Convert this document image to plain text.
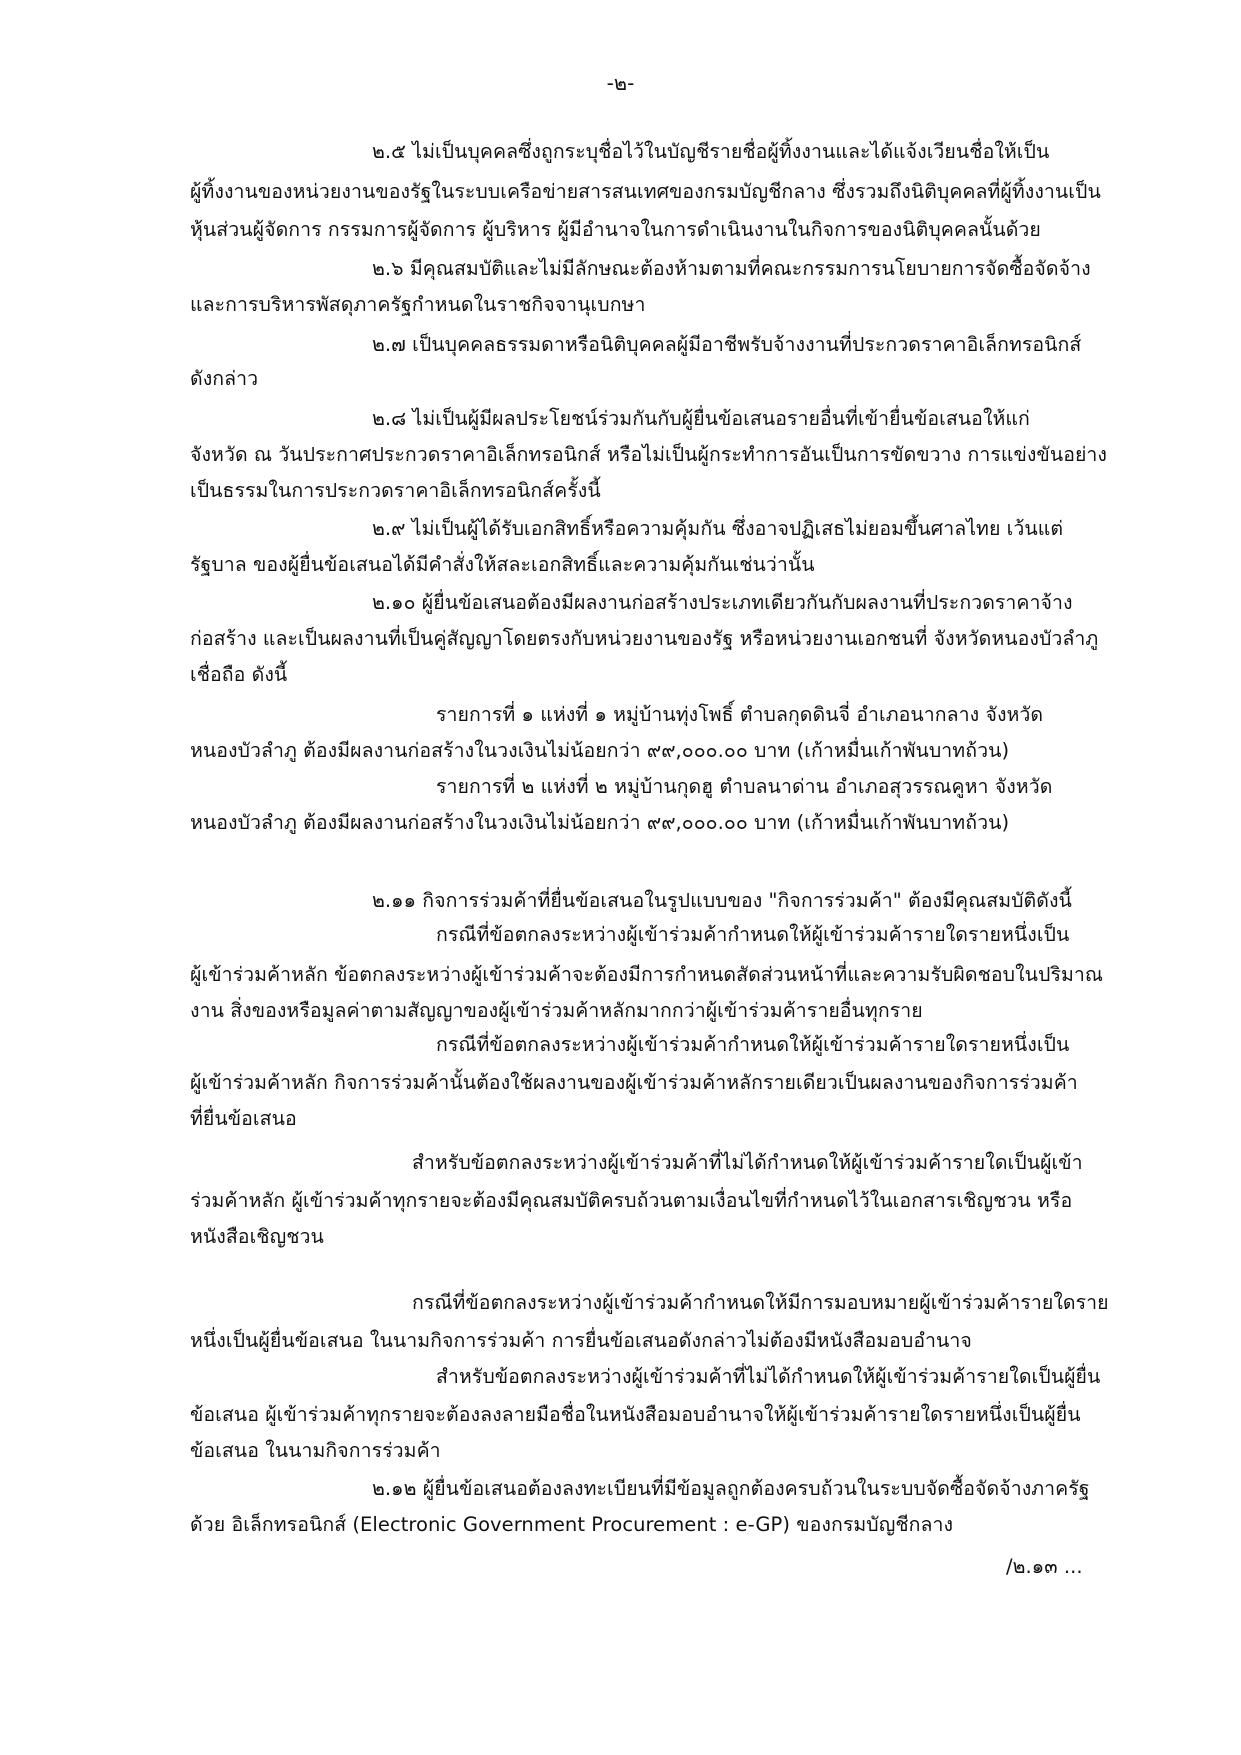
-๒-

๒.๕ ไม่เป็นบุคคลซึ่งถูกระบุชื่อไว้ในบัญชีรายชื่อผู้ทิ้งงานและได้แจ้งเวียนชื่อให้เป็น

ผู้ทิ้งงานของหน่วยงานของรัฐในระบบเครือข่ายสารสนเทศของกรมบัญชีกลาง ซึ่งรวมถึงนิติบุคคลที่ผู้ทิ้งงานเป็น

หุ้นส่วนผู้จัดการ กรรมการผู้จัดการ ผู้บริหาร ผู้มีอำนาจในการดำเนินงานในกิจการของนิติบุคคลนั้นด้วย

๒.๖ มีคุณสมบัติและไม่มีลักษณะต้องห้ามตามที่คณะกรรมการนโยบายการจัดซื้อจัดจ้าง

และการบริหารพัสดุภาครัฐกำหนดในราชกิจจานุเบกษา

๒.๗ เป็นบุคคลธรรมดาหรือนิติบุคคลผู้มีอาชีพรับจ้างงานที่ประกวดราคาอิเล็กทรอนิกส์

ดังกล่าว

๒.๘ ไม่เป็นผู้มีผลประโยชน์ร่วมกันกับผู้ยื่นข้อเสนอรายอื่นที่เข้ายื่นข้อเสนอให้แก่

จังหวัด ณ วันประกาศประกวดราคาอิเล็กทรอนิกส์ หรือไม่เป็นผู้กระทำการอันเป็นการขัดขวาง การแข่งขันอย่าง

เป็นธรรมในการประกวดราคาอิเล็กทรอนิกส์ครั้งนี้

๒.๙ ไม่เป็นผู้ได้รับเอกสิทธิ์หรือความคุ้มกัน ซึ่งอาจปฏิเสธไม่ยอมขึ้นศาลไทย เว้นแต่

รัฐบาล ของผู้ยื่นข้อเสนอได้มีคำสั่งให้สละเอกสิทธิ์และความคุ้มกันเช่นว่านั้น

๒.๑๐ ผู้ยื่นข้อเสนอต้องมีผลงานก่อสร้างประเภทเดียวกันกับผลงานที่ประกวดราคาจ้าง

ก่อสร้าง และเป็นผลงานที่เป็นคู่สัญญาโดยตรงกับหน่วยงานของรัฐ หรือหน่วยงานเอกชนที่ จังหวัดหนองบัวลำภู

เชื่อถือ ดังนี้

รายการที่ ๑ แห่งที่ ๑ หมู่บ้านทุ่งโพธิ์ ตำบลกุดดินจี่ อำเภอนากลาง จังหวัด

หนองบัวลำภู ต้องมีผลงานก่อสร้างในวงเงินไม่น้อยกว่า ๙๙,๐๐๐.๐๐ บาท (เก้าหมื่นเก้าพันบาทถ้วน)

รายการที่ ๒ แห่งที่ ๒ หมู่บ้านกุดฮู ตำบลนาด่าน อำเภอสุวรรณคูหา จังหวัด

หนองบัวลำภู ต้องมีผลงานก่อสร้างในวงเงินไม่น้อยกว่า ๙๙,๐๐๐.๐๐ บาท (เก้าหมื่นเก้าพันบาทถ้วน)

๒.๑๑ กิจการร่วมค้าที่ยื่นข้อเสนอในรูปแบบของ "กิจการร่วมค้า" ต้องมีคุณสมบัติดังนี้

กรณีที่ข้อตกลงระหว่างผู้เข้าร่วมค้ากำหนดให้ผู้เข้าร่วมค้ารายใดรายหนึ่งเป็น

ผู้เข้าร่วมค้าหลัก ข้อตกลงระหว่างผู้เข้าร่วมค้าจะต้องมีการกำหนดสัดส่วนหน้าที่และความรับผิดชอบในปริมาณ

งาน สิ่งของหรือมูลค่าตามสัญญาของผู้เข้าร่วมค้าหลักมากกว่าผู้เข้าร่วมค้ารายอื่นทุกราย

กรณีที่ข้อตกลงระหว่างผู้เข้าร่วมค้ากำหนดให้ผู้เข้าร่วมค้ารายใดรายหนึ่งเป็น

ผู้เข้าร่วมค้าหลัก กิจการร่วมค้านั้นต้องใช้ผลงานของผู้เข้าร่วมค้าหลักรายเดียวเป็นผลงานของกิจการร่วมค้า

ที่ยื่นข้อเสนอ

สำหรับข้อตกลงระหว่างผู้เข้าร่วมค้าที่ไม่ได้กำหนดให้ผู้เข้าร่วมค้ารายใดเป็นผู้เข้า

ร่วมค้าหลัก ผู้เข้าร่วมค้าทุกรายจะต้องมีคุณสมบัติครบถ้วนตามเงื่อนไขที่กำหนดไว้ในเอกสารเชิญชวน หรือ

หนังสือเชิญชวน

กรณีที่ข้อตกลงระหว่างผู้เข้าร่วมค้ากำหนดให้มีการมอบหมายผู้เข้าร่วมค้ารายใดราย

หนึ่งเป็นผู้ยื่นข้อเสนอ ในนามกิจการร่วมค้า การยื่นข้อเสนอดังกล่าวไม่ต้องมีหนังสือมอบอำนาจ

สำหรับข้อตกลงระหว่างผู้เข้าร่วมค้าที่ไม่ได้กำหนดให้ผู้เข้าร่วมค้ารายใดเป็นผู้ยื่น

ข้อเสนอ ผู้เข้าร่วมค้าทุกรายจะต้องลงลายมือชื่อในหนังสือมอบอำนาจให้ผู้เข้าร่วมค้ารายใดรายหนึ่งเป็นผู้ยื่น

ข้อเสนอ ในนามกิจการร่วมค้า

๒.๑๒ ผู้ยื่นข้อเสนอต้องลงทะเบียนที่มีข้อมูลถูกต้องครบถ้วนในระบบจัดซื้อจัดจ้างภาครัฐ

ด้วย อิเล็กทรอนิกส์ (Electronic Government Procurement : e-GP) ของกรมบัญชีกลาง

/๒.๑๓ ...
